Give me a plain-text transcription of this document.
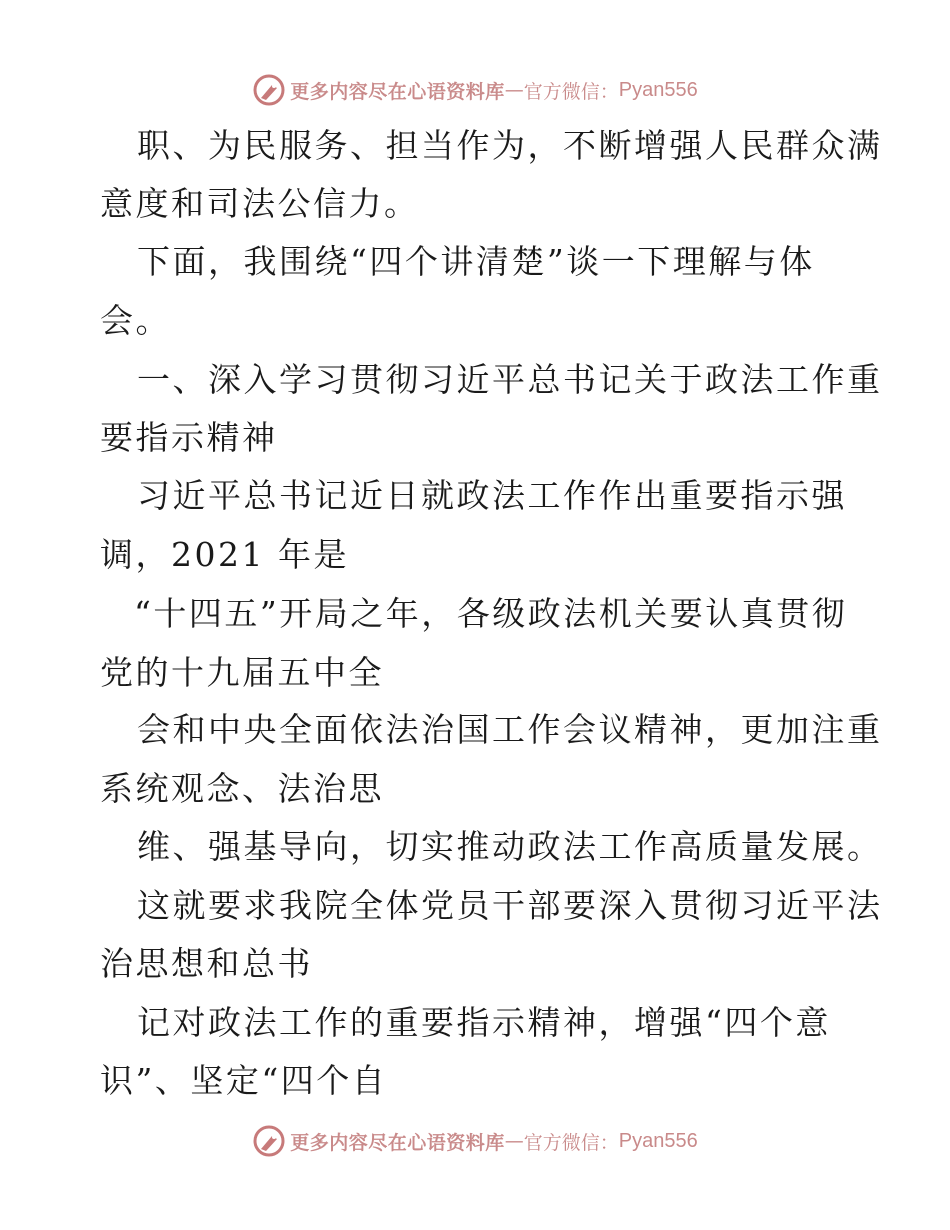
更多内容尽在心语资料库 — 官方微信： Pyan556
职、为民服务、担当作为，不断增强人民群众满
意度和司法公信力。
下面，我围绕“四个讲清楚”谈一下理解与体
会。
一、深入学习贯彻习近平总书记关于政法工作重
要指示精神
习近平总书记近日就政法工作作出重要指示强
调，2021 年是
“十四五”开局之年，各级政法机关要认真贯彻
党的十九届五中全
会和中央全面依法治国工作会议精神，更加注重
系统观念、法治思
维、强基导向，切实推动政法工作高质量发展。
这就要求我院全体党员干部要深入贯彻习近平法
治思想和总书
记对政法工作的重要指示精神，增强“四个意
识”、坚定“四个自
更多内容尽在心语资料库 — 官方微信： Pyan556
